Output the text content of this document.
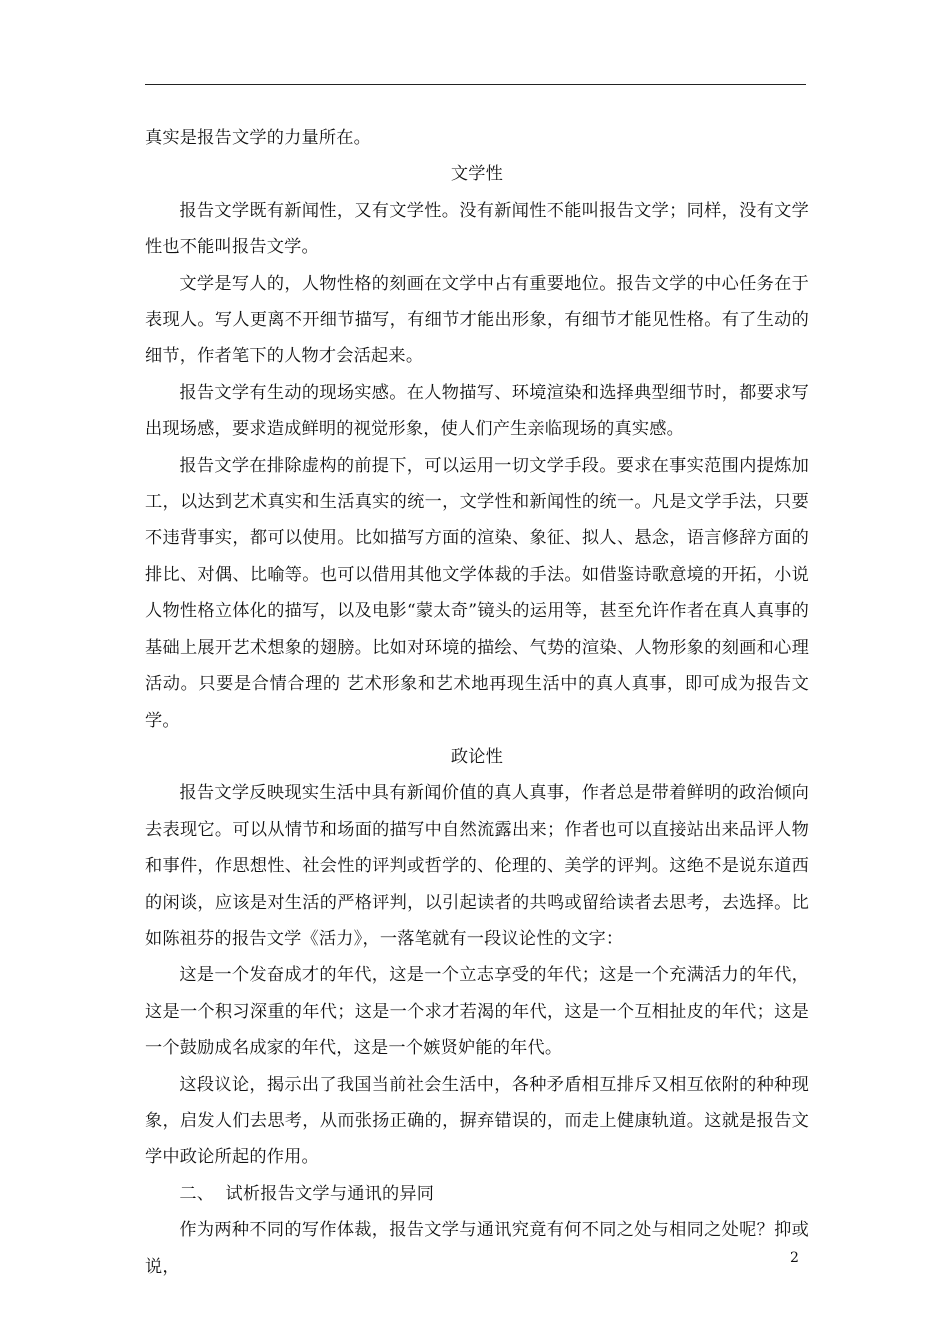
真实是报告文学的力量所在。

文学性

报告文学既有新闻性，又有文学性。没有新闻性不能叫报告文学；同样，没有文学性也不能叫报告文学。

文学是写人的，人物性格的刻画在文学中占有重要地位。报告文学的中心任务在于表现人。写人更离不开细节描写，有细节才能出形象，有细节才能见性格。有了生动的细节，作者笔下的人物才会活起来。

报告文学有生动的现场实感。在人物描写、环境渲染和选择典型细节时，都要求写出现场感，要求造成鲜明的视觉形象，使人们产生亲临现场的真实感。

报告文学在排除虚构的前提下，可以运用一切文学手段。要求在事实范围内提炼加工，以达到艺术真实和生活真实的统一，文学性和新闻性的统一。凡是文学手法，只要不违背事实，都可以使用。比如描写方面的渲染、象征、拟人、悬念，语言修辞方面的排比、对偶、比喻等。也可以借用其他文学体裁的手法。如借鉴诗歌意境的开拓，小说人物性格立体化的描写，以及电影“蒙太奇”镜头的运用等，甚至允许作者在真人真事的基础上展开艺术想象的翅膀。比如对环境的描绘、气势的渲染、人物形象的刻画和心理活动。只要是合情合理的 艺术形象和艺术地再现生活中的真人真事，即可成为报告文学。

政论性

报告文学反映现实生活中具有新闻价值的真人真事，作者总是带着鲜明的政治倾向去表现它。可以从情节和场面的描写中自然流露出来；作者也可以直接站出来品评人物和事件，作思想性、社会性的评判或哲学的、伦理的、美学的评判。这绝不是说东道西的闲谈，应该是对生活的严格评判，以引起读者的共鸣或留给读者去思考，去选择。比如陈祖芬的报告文学《活力》，一落笔就有一段议论性的文字：

这是一个发奋成才的年代，这是一个立志享受的年代；这是一个充满活力的年代，这是一个积习深重的年代；这是一个求才若渴的年代，这是一个互相扯皮的年代；这是一个鼓励成名成家的年代，这是一个嫉贤妒能的年代。

这段议论，揭示出了我国当前社会生活中，各种矛盾相互排斥又相互依附的种种现象，启发人们去思考，从而张扬正确的，摒弃错误的，而走上健康轨道。这就是报告文学中政论所起的作用。

二、  试析报告文学与通讯的异同

作为两种不同的写作体裁，报告文学与通讯究竟有何不同之处与相同之处呢？抑或说，	2
